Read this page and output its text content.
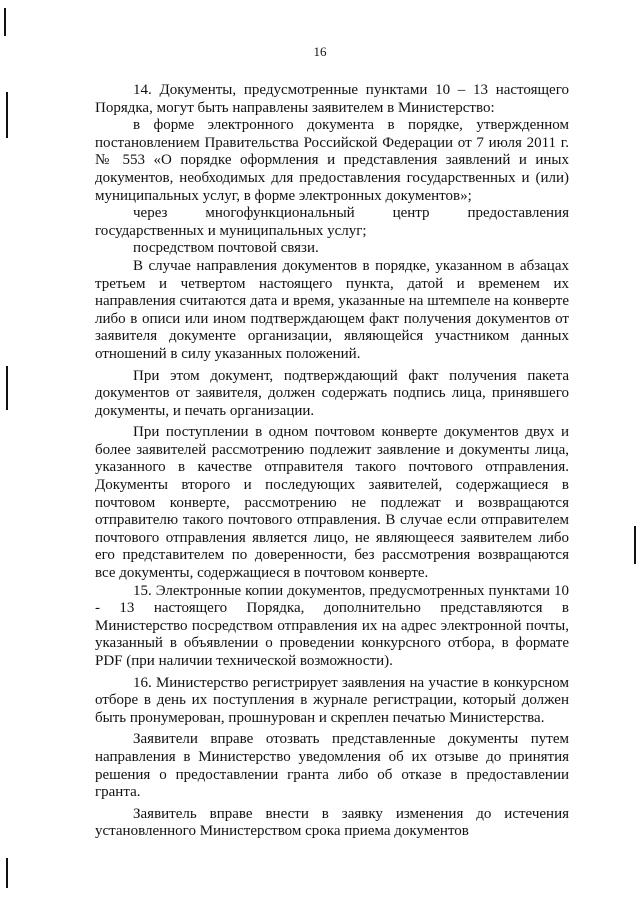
16

14. Документы, предусмотренные пунктами 10 – 13 настоящего Порядка, могут быть направлены заявителем в Министерство:

в форме электронного документа в порядке, утвержденном постановлением Правительства Российской Федерации от 7 июля 2011 г. № 553 «О порядке оформления и представления заявлений и иных документов, необходимых для предоставления государственных и (или) муниципальных услуг, в форме электронных документов»;

через многофункциональный центр предоставления государственных и муниципальных услуг;

посредством почтовой связи.

В случае направления документов в порядке, указанном в абзацах третьем и четвертом настоящего пункта, датой и временем их направления считаются дата и время, указанные на штемпеле на конверте либо в описи или ином подтверждающем факт получения документов от заявителя документе организации, являющейся участником данных отношений в силу указанных положений.

При этом документ, подтверждающий факт получения пакета документов от заявителя, должен содержать подпись лица, принявшего документы, и печать организации.

При поступлении в одном почтовом конверте документов двух и более заявителей рассмотрению подлежит заявление и документы лица, указанного в качестве отправителя такого почтового отправления. Документы второго и последующих заявителей, содержащиеся в почтовом конверте, рассмотрению не подлежат и возвращаются отправителю такого почтового отправления. В случае если отправителем почтового отправления является лицо, не являющееся заявителем либо его представителем по доверенности, без рассмотрения возвращаются все документы, содержащиеся в почтовом конверте.

15. Электронные копии документов, предусмотренных пунктами 10 - 13 настоящего Порядка, дополнительно представляются в Министерство посредством отправления их на адрес электронной почты, указанный в объявлении о проведении конкурсного отбора, в формате PDF (при наличии технической возможности).

16. Министерство регистрирует заявления на участие в конкурсном отборе в день их поступления в журнале регистрации, который должен быть пронумерован, прошнурован и скреплен печатью Министерства.

Заявители вправе отозвать представленные документы путем направления в Министерство уведомления об их отзыве до принятия решения о предоставлении гранта либо об отказе в предоставлении гранта.

Заявитель вправе внести в заявку изменения до истечения установленного Министерством срока приема документов
